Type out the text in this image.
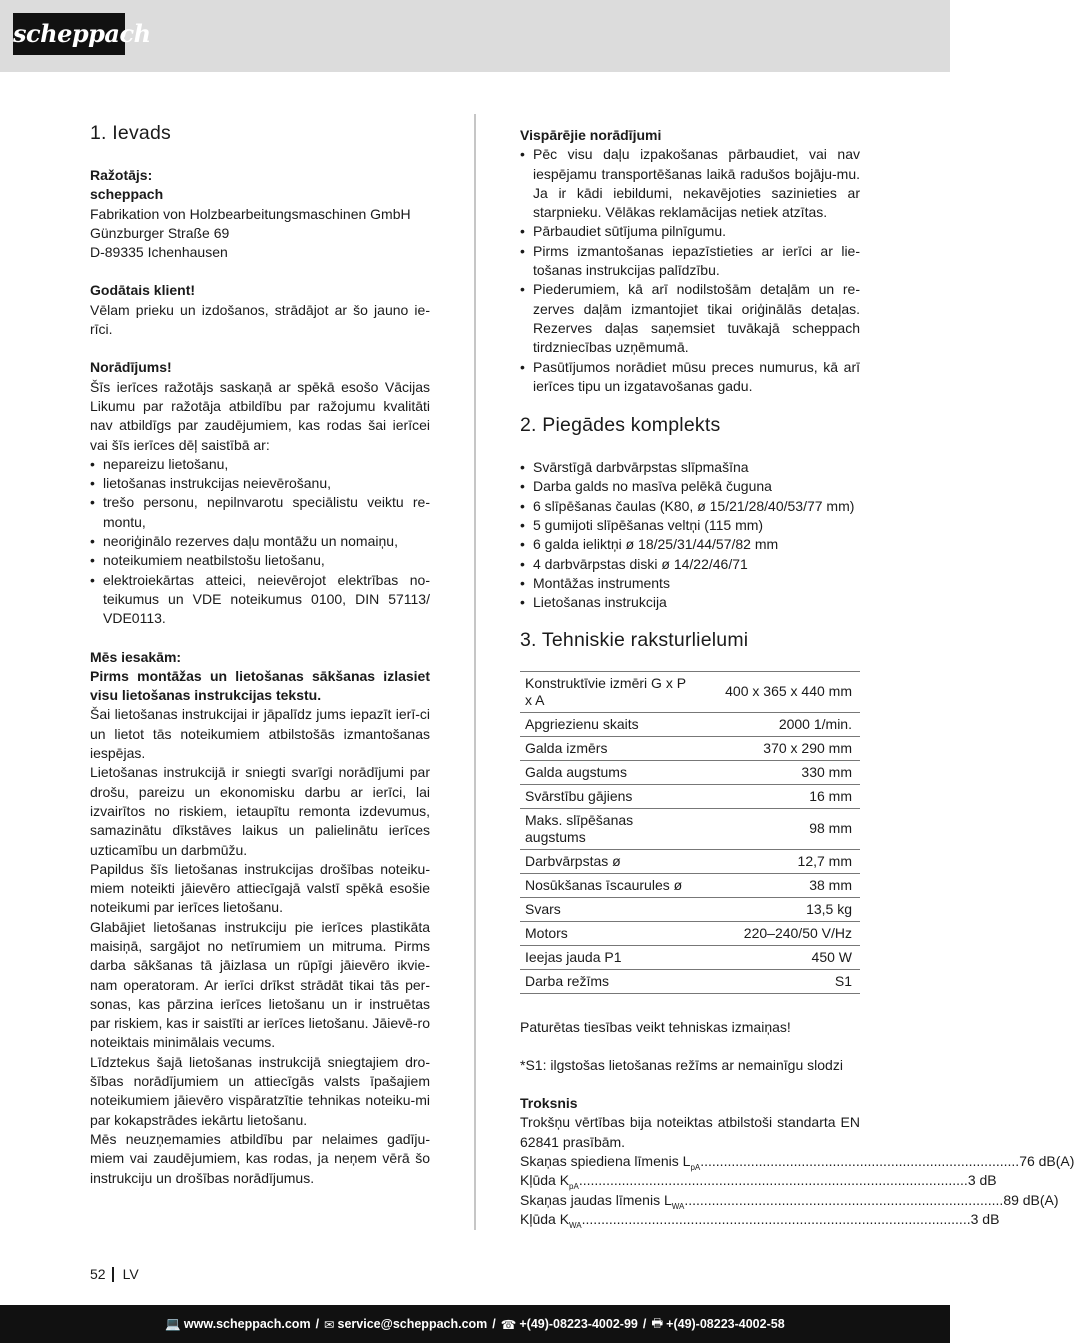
scheppach
1. Ievads
Ražotājs:
scheppach
Fabrikation von Holzbearbeitungsmaschinen GmbH
Günzburger Straße 69
D-89335 Ichenhausen
Godātais klient!
Vēlam prieku un izdošanos, strādājot ar šo jauno ie-rīci.
Norādījums!
Šīs ierīces ražotājs saskaņā ar spēkā esošo Vācijas Likumu par ražotāja atbildību par ražojumu kvalitāti nav atbildīgs par zaudējumiem, kas rodas šai ierīcei vai šīs ierīces dēļ saistībā ar:
• nepareizu lietošanu,
• lietošanas instrukcijas neievērošanu,
• trešo personu, nepilnvarotu speciālistu veiktu re-montu,
• neoriģinālo rezerves daļu montāžu un nomaiņu,
• noteikumiem neatbilstošu lietošanu,
• elektroiekārtas atteici, neievērojot elektrības no-teikumus un VDE noteikumus 0100, DIN 57113/ VDE0113.
Mēs iesakām:
Pirms montāžas un lietošanas sākšanas izlasiet visu lietošanas instrukcijas tekstu.
Šai lietošanas instrukcijai ir jāpalīdz jums iepazīt ierī-ci un lietot tās noteikumiem atbilstošās izmantošanas iespējas.
Lietošanas instrukcijā ir sniegti svarīgi norādījumi par drošu, pareizu un ekonomisku darbu ar ierīci, lai izvairītos no riskiem, ietaupītu remonta izdevumus, samazinātu dīkstāves laikus un palielinātu ierīces uzticamību un darbmūžu.
Papildus šīs lietošanas instrukcijas drošības noteiku-miem noteikti jāievēro attiecīgajā valstī spēkā esošie noteikumi par ierīces lietošanu.
Glabājiet lietošanas instrukciju pie ierīces plastikāta maisiņā, sargājot no netīrumiem un mitruma. Pirms darba sākšanas tā jāizlasa un rūpīgi jāievēro ikvie-nam operatoram. Ar ierīci drīkst strādāt tikai tās per-sonas, kas pārzina ierīces lietošanu un ir instruētas par riskiem, kas ir saistīti ar ierīces lietošanu. Jāievē-ro noteiktais minimālais vecums.
Līdztekus šajā lietošanas instrukcijā sniegtajiem dro-šības norādījumiem un attiecīgās valsts īpašajiem noteikumiem jāievēro vispāratzītie tehnikas noteiku-mi par kokapstrādes iekārtu lietošanu.
Mēs neuzņemamies atbildību par nelaimes gadīju-miem vai zaudējumiem, kas rodas, ja neņem vērā šo instrukciju un drošības norādījumus.
Vispārējie norādījumi
• Pēc visu daļu izpakošanas pārbaudiet, vai nav iespējamu transportēšanas laikā radušos bojāju-mu. Ja ir kādi iebildumi, nekavējoties sazinieties ar starpnieku. Vēlākas reklamācijas netiek atzītas.
• Pārbaudiet sūtījuma pilnīgumu.
• Pirms izmantošanas iepazīstieties ar ierīci ar lie-tošanas instrukcijas palīdzību.
• Piederumiem, kā arī nodilstošām detaļām un re-zerves daļām izmantojiet tikai oriģinālās detaļas. Rezerves daļas saņemsiet tuvākajā scheppach tirdzniecības uzņēmumā.
• Pasūtījumos norādiet mūsu preces numurus, kā arī ierīces tipu un izgatavošanas gadu.
2. Piegādes komplekts
• Svārstīgā darbvārpstas slīpmašīna
• Darba galds no masīva pelēkā čuguna
• 6 slīpēšanas čaulas (K80, ø 15/21/28/40/53/77 mm)
• 5 gumijoti slīpēšanas veltņi (115 mm)
• 6 galda ieliktņi ø 18/25/31/44/57/82 mm
• 4 darbvārpstas diski ø 14/22/46/71
• Montāžas instruments
• Lietošanas instrukcija
3. Tehniskie raksturlielumi
Konstruktīvie izmēri G x P x A	400 x 365 x 440 mm
Apgriezienu skaits	2000 1/min.
Galda izmērs	370 x 290 mm
Galda augstums	330 mm
Svārstību gājiens	16 mm
Maks. slīpēšanas augstums	98 mm
Darbvārpstas ø	12,7 mm
Nosūkšanas īscaurules ø	38 mm
Svars	13,5 kg
Motors	220–240/50 V/Hz
Ieejas jauda P1	450 W
Darba režīms	S1
Paturētas tiesības veikt tehniskas izmaiņas!
*S1: ilgstošas lietošanas režīms ar nemainīgu slodzi
Troksnis
Trokšņu vērtības bija noteiktas atbilstoši standarta EN 62841 prasībām.
Skaņas spiediena līmenis $L_{pA}$ .................................................................................. 76 dB(A)
Kļūda $K_{pA}$ .................................................................................................... 3 dB
Skaņas jaudas līmenis $L_{WA}$ .................................................................................. 89 dB(A)
Kļūda $K_{WA}$ .................................................................................................... 3 dB
52 LV
💻 www.scheppach.com / ✉ service@scheppach.com / ☎ +(49)-08223-4002-99 / 🖶 +(49)-08223-4002-58
